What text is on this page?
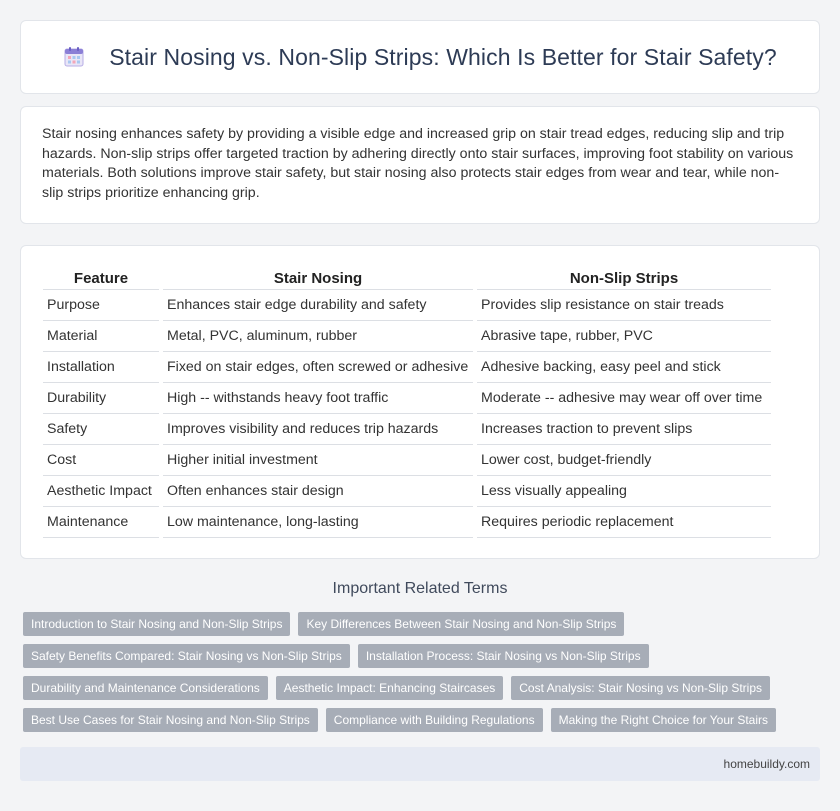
Stair Nosing vs. Non-Slip Strips: Which Is Better for Stair Safety?

Stair nosing enhances safety by providing a visible edge and increased grip on stair tread edges, reducing slip and trip hazards. Non-slip strips offer targeted traction by adhering directly onto stair surfaces, improving foot stability on various materials. Both solutions improve stair safety, but stair nosing also protects stair edges from wear and tear, while non-slip strips prioritize enhancing grip.

Feature	Stair Nosing	Non-Slip Strips
Purpose	Enhances stair edge durability and safety	Provides slip resistance on stair treads
Material	Metal, PVC, aluminum, rubber	Abrasive tape, rubber, PVC
Installation	Fixed on stair edges, often screwed or adhesive	Adhesive backing, easy peel and stick
Durability	High -- withstands heavy foot traffic	Moderate -- adhesive may wear off over time
Safety	Improves visibility and reduces trip hazards	Increases traction to prevent slips
Cost	Higher initial investment	Lower cost, budget-friendly
Aesthetic Impact	Often enhances stair design	Less visually appealing
Maintenance	Low maintenance, long-lasting	Requires periodic replacement
Important Related Terms
Introduction to Stair Nosing and Non-Slip Strips	Key Differences Between Stair Nosing and Non-Slip Strips
Safety Benefits Compared: Stair Nosing vs Non-Slip Strips	Installation Process: Stair Nosing vs Non-Slip Strips
Durability and Maintenance Considerations	Aesthetic Impact: Enhancing Staircases	Cost Analysis: Stair Nosing vs Non-Slip Strips
Best Use Cases for Stair Nosing and Non-Slip Strips	Compliance with Building Regulations	Making the Right Choice for Your Stairs
homebuildy.com
